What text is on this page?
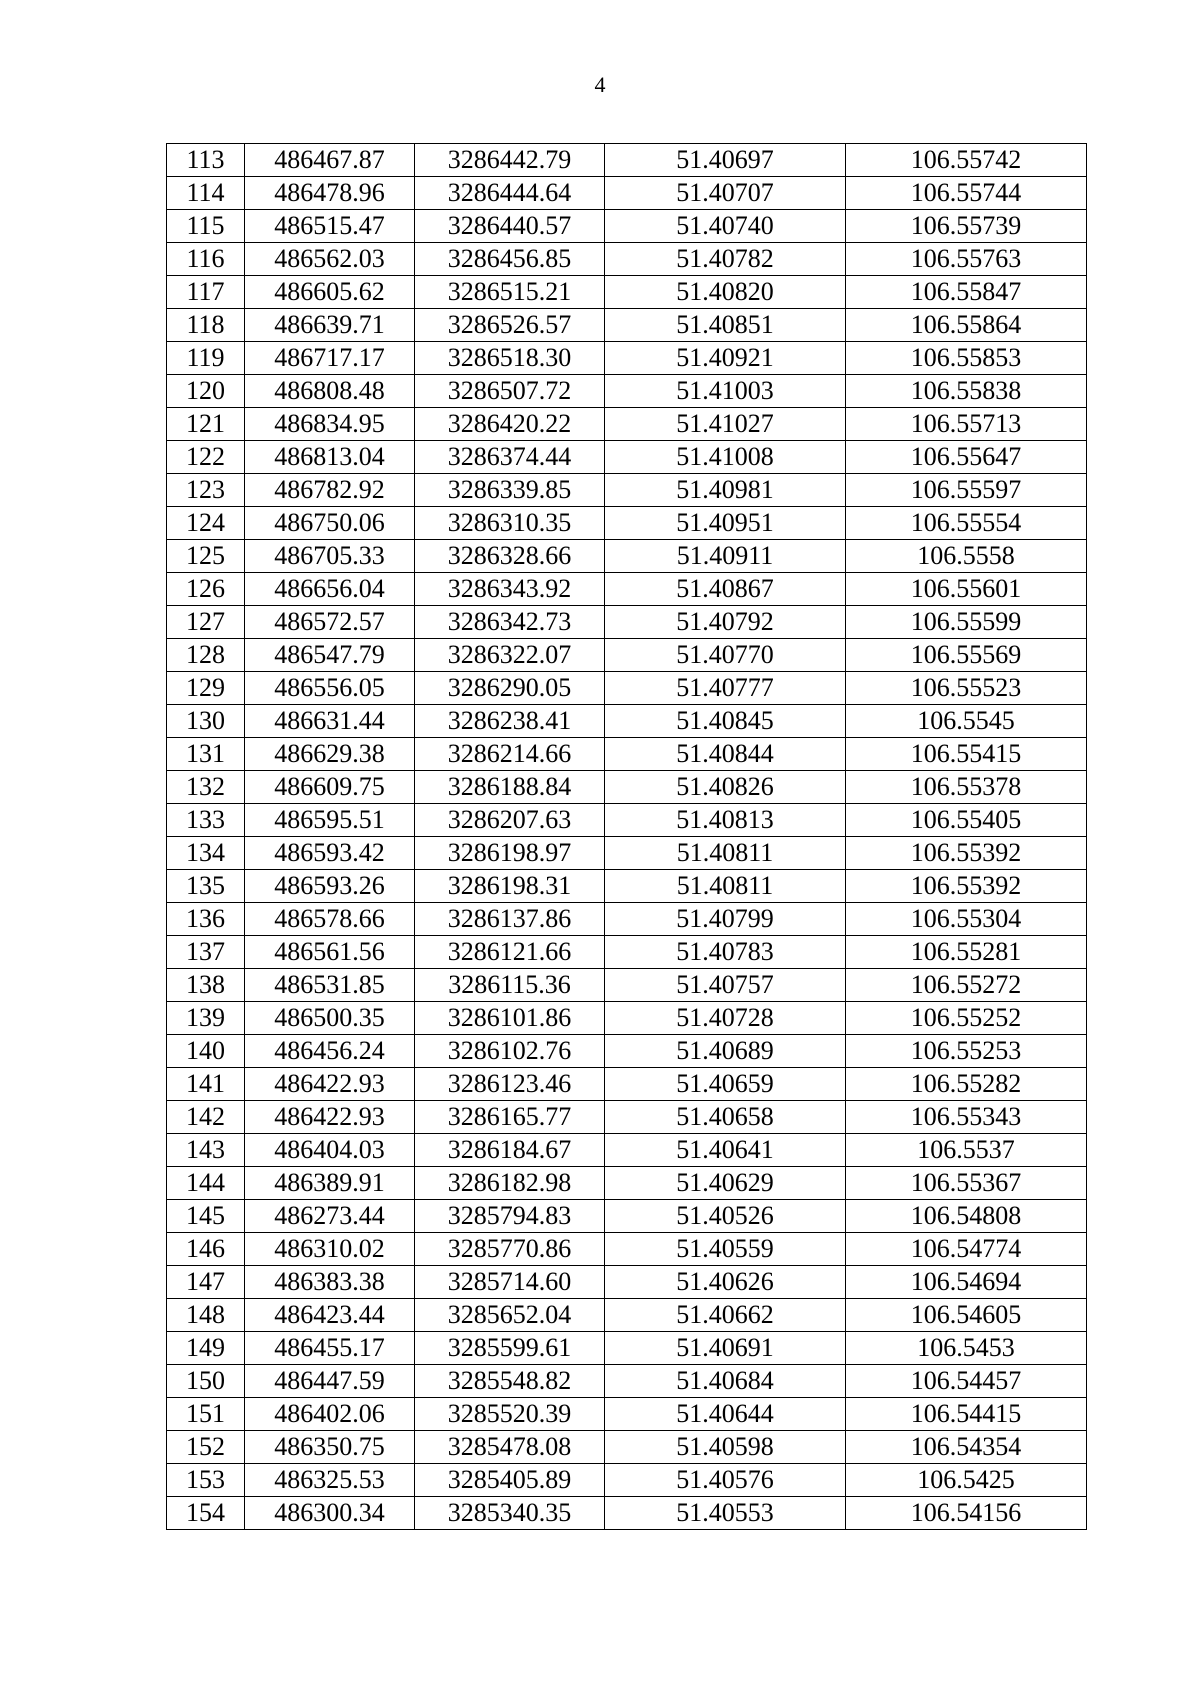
4
113	486467.87	3286442.79	51.40697	106.55742
114	486478.96	3286444.64	51.40707	106.55744
115	486515.47	3286440.57	51.40740	106.55739
116	486562.03	3286456.85	51.40782	106.55763
117	486605.62	3286515.21	51.40820	106.55847
118	486639.71	3286526.57	51.40851	106.55864
119	486717.17	3286518.30	51.40921	106.55853
120	486808.48	3286507.72	51.41003	106.55838
121	486834.95	3286420.22	51.41027	106.55713
122	486813.04	3286374.44	51.41008	106.55647
123	486782.92	3286339.85	51.40981	106.55597
124	486750.06	3286310.35	51.40951	106.55554
125	486705.33	3286328.66	51.40911	106.5558
126	486656.04	3286343.92	51.40867	106.55601
127	486572.57	3286342.73	51.40792	106.55599
128	486547.79	3286322.07	51.40770	106.55569
129	486556.05	3286290.05	51.40777	106.55523
130	486631.44	3286238.41	51.40845	106.5545
131	486629.38	3286214.66	51.40844	106.55415
132	486609.75	3286188.84	51.40826	106.55378
133	486595.51	3286207.63	51.40813	106.55405
134	486593.42	3286198.97	51.40811	106.55392
135	486593.26	3286198.31	51.40811	106.55392
136	486578.66	3286137.86	51.40799	106.55304
137	486561.56	3286121.66	51.40783	106.55281
138	486531.85	3286115.36	51.40757	106.55272
139	486500.35	3286101.86	51.40728	106.55252
140	486456.24	3286102.76	51.40689	106.55253
141	486422.93	3286123.46	51.40659	106.55282
142	486422.93	3286165.77	51.40658	106.55343
143	486404.03	3286184.67	51.40641	106.5537
144	486389.91	3286182.98	51.40629	106.55367
145	486273.44	3285794.83	51.40526	106.54808
146	486310.02	3285770.86	51.40559	106.54774
147	486383.38	3285714.60	51.40626	106.54694
148	486423.44	3285652.04	51.40662	106.54605
149	486455.17	3285599.61	51.40691	106.5453
150	486447.59	3285548.82	51.40684	106.54457
151	486402.06	3285520.39	51.40644	106.54415
152	486350.75	3285478.08	51.40598	106.54354
153	486325.53	3285405.89	51.40576	106.5425
154	486300.34	3285340.35	51.40553	106.54156
